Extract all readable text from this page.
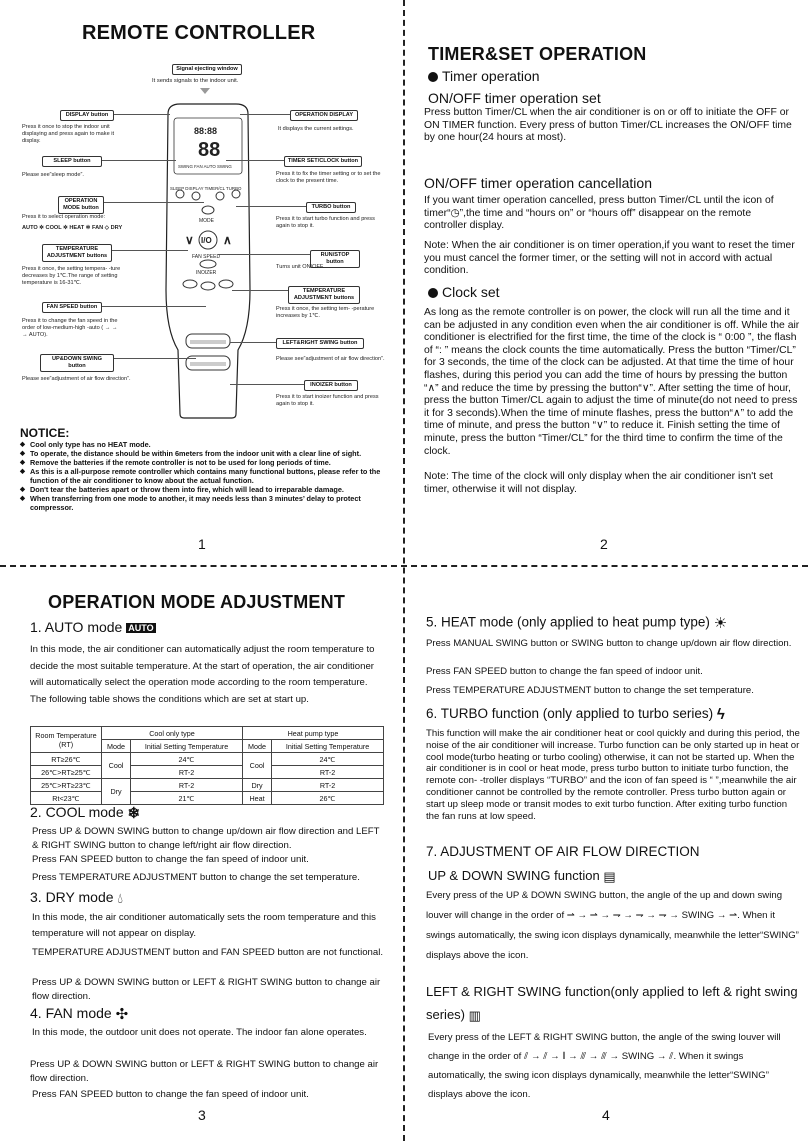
REMOTE CONTROLLER
Signal ejecting window
It sends signals to the indoor unit.
88:88
88
SWING FAN AUTO SWING
SLEEP DISPLAY TIMER/CL TURBO
MODE
∨ I/O ∧
FAN SPEED
INOIZER
DISPLAY button
Press it once to stop the indoor unit displaying and press again to make it display.
SLEEP button
Please see“sleep mode”.
OPERATION MODE button
Press it to select operation mode:
AUTO ✲ COOL ✲ HEAT ✲ FAN ◇ DRY
TEMPERATURE ADJUSTMENT buttons
Press it once, the setting tempera- -ture decreases by 1℃.The range of setting temperature is 16-31℃.
FAN SPEED button
Press it to change the fan speed in the order of low-medium-high -auto ( → → → AUTO).
UP&DOWN SWING button
Please see“adjustment of air flow direction”.
OPERATION DISPLAY
It displays the current settings.
TIMER SET/CLOCK button
Press it to fix the timer setting or to set the clock to the present time.
TURBO button
Press it to start turbo function and press again to stop it.
RUN/STOP button
Turns unit ON/OFF.
TEMPERATURE ADJUSTMENT buttons
Press it once, the setting tem- -perature increases by 1℃.
LEFT&RIGHT SWING button
Please see“adjustment of air flow direction”.
INOIZER button
Press it to start inoizer function and press again to stop it.
NOTICE:
◆ Cool only type has no HEAT mode.
◆ To operate, the distance should be within 6meters from the indoor unit with a clear line of sight.
◆ Remove the batteries if the remote controller is not to be used for long periods of time.
◆ As this is a all-purpose remote controller which contains many functional buttons, please refer to the function of the air conditioner to know about the actual function.
◆ Don't tear the batteries apart or throw them into fire, which will lead to irreparable damage.
◆ When transferring from one mode to another, it may needs less than 3 minutes’ delay to protect compressor.
1
TIMER&SET OPERATION
Timer operation
ON/OFF timer operation set

Press button Timer/CL when the air conditioner is on or off to initiate the OFF or ON TIMER function. Every press of button Timer/CL increases the ON/OFF time by one hour(24 hours at most).

ON/OFF timer operation cancellation

If you want timer operation cancelled, press button Timer/CL until the icon of timer“◷”,the time and “hours on” or “hours off” disappear on the remote controller display.

Note: When the air conditioner is on timer operation,if you want to reset the timer you must cancel the former timer, or the setting will not in accord with actual condition.

Clock set

As long as the remote controller is on power, the clock will run all the time and it can be adjusted in any condition even when the air conditioner is off. While the air conditioner is electrified for the first time, the time of the clock is “ 0:00 ”, the flash of “: ” means the clock counts the time automatically. Press the button “Timer/CL” for 3 seconds, the time of the clock can be adjusted. At that time the time of hour flashes, during this period you can add the time of hours by pressing the button “∧” and reduce the time by pressing the button“∨”. After setting the time of hour, press the button Timer/CL again to adjust the time of minute(do not need to press it for 3 seconds).When the time of minute flashes, press the button“∧” to add the time of minute, and press the button “∨” to reduce it. Finish setting the time of minute, press the button “Timer/CL” for the third time to confirm the time of the clock.

Note: The time of the clock will only display when the air conditioner isn't set timer, otherwise it will not display.

2
OPERATION MODE ADJUSTMENT
1. AUTO mode AUTO

In this mode, the air conditioner can automatically adjust the room temperature to decide the most suitable temperature. At the start of operation, the air conditioner will automatically select the operation mode according to the room temperature. The following table shows the conditions which are set at start up.

Room Temperature (RT)	Cool only type		Heat pump type	
	Mode	Initial Setting Temperature	Mode	Initial Setting Temperature
RT≥26℃	Cool	24℃	Cool	24℃
26℃>RT≥25℃		RT-2		RT-2
25℃>RT≥23℃	Dry	RT-2	Dry	RT-2
Rt<23℃		21℃	Heat	26℃
2. COOL mode ❄

Press UP & DOWN SWING button to change up/down air flow direction and LEFT & RIGHT SWING button to change left/right air flow direction.

Press FAN SPEED button to change the fan speed of indoor unit.

Press TEMPERATURE ADJUSTMENT button to change the set temperature.

3. DRY mode 💧︎

In this mode, the air conditioner automatically sets the room temperature and this temperature will not appear on display.

TEMPERATURE ADJUSTMENT button and FAN SPEED button are not functional.

Press UP & DOWN SWING button or LEFT & RIGHT SWING button to change air flow direction.

4. FAN mode ✣

In this mode, the outdoor unit does not operate. The indoor fan alone operates.

Press UP & DOWN SWING button or LEFT & RIGHT SWING button to change air flow direction.

Press FAN SPEED button to change the fan speed of indoor unit.

3
5. HEAT mode (only applied to heat pump type) ☀

Press MANUAL SWING button or SWING button to change up/down air flow direction.

Press FAN SPEED button to change the fan speed of indoor unit.

Press TEMPERATURE ADJUSTMENT button to change the set temperature.

6. TURBO function (only applied to turbo series) ϟ

This function will make the air conditioner heat or cool quickly and during this period, the noise of the air conditioner will increase. Turbo function can be only started up in heat or cool mode(turbo heating or turbo cooling) otherwise, it can not be started up. When the air conditioner is in cool or heat mode, press turbo button to initiate turbo function, the remote con- -troller displays “TURBO” and the icon of fan speed is “ ”,meanwhile the air conditioner cannot be controlled by the remote controller. Press turbo button again or start up sleep mode or transit modes to exit turbo function. After exiting turbo function the fan runs at low speed.

7. ADJUSTMENT OF AIR FLOW DIRECTION
UP & DOWN SWING function ▤
Every press of the UP & DOWN SWING button, the angle of the up and down swing louver will change in the order of ⇀ → ⇀ → ⇁ → ⇁ → ⇁ → SWING → ⇀. When it swings automatically, the swing icon displays dynamically, meanwhile the letter“SWING” displays above the icon.
LEFT & RIGHT SWING function(only applied to left & right swing series) ▥
Every press of the LEFT & RIGHT SWING button, the angle of the swing louver will change in the order of ⫽ → ⫽ → ∥ → ⫻ → ⫻ → SWING → ⫽. When it swings automatically, the swing icon displays dynamically, meanwhile the letter“SWING” displays above the icon.
4
